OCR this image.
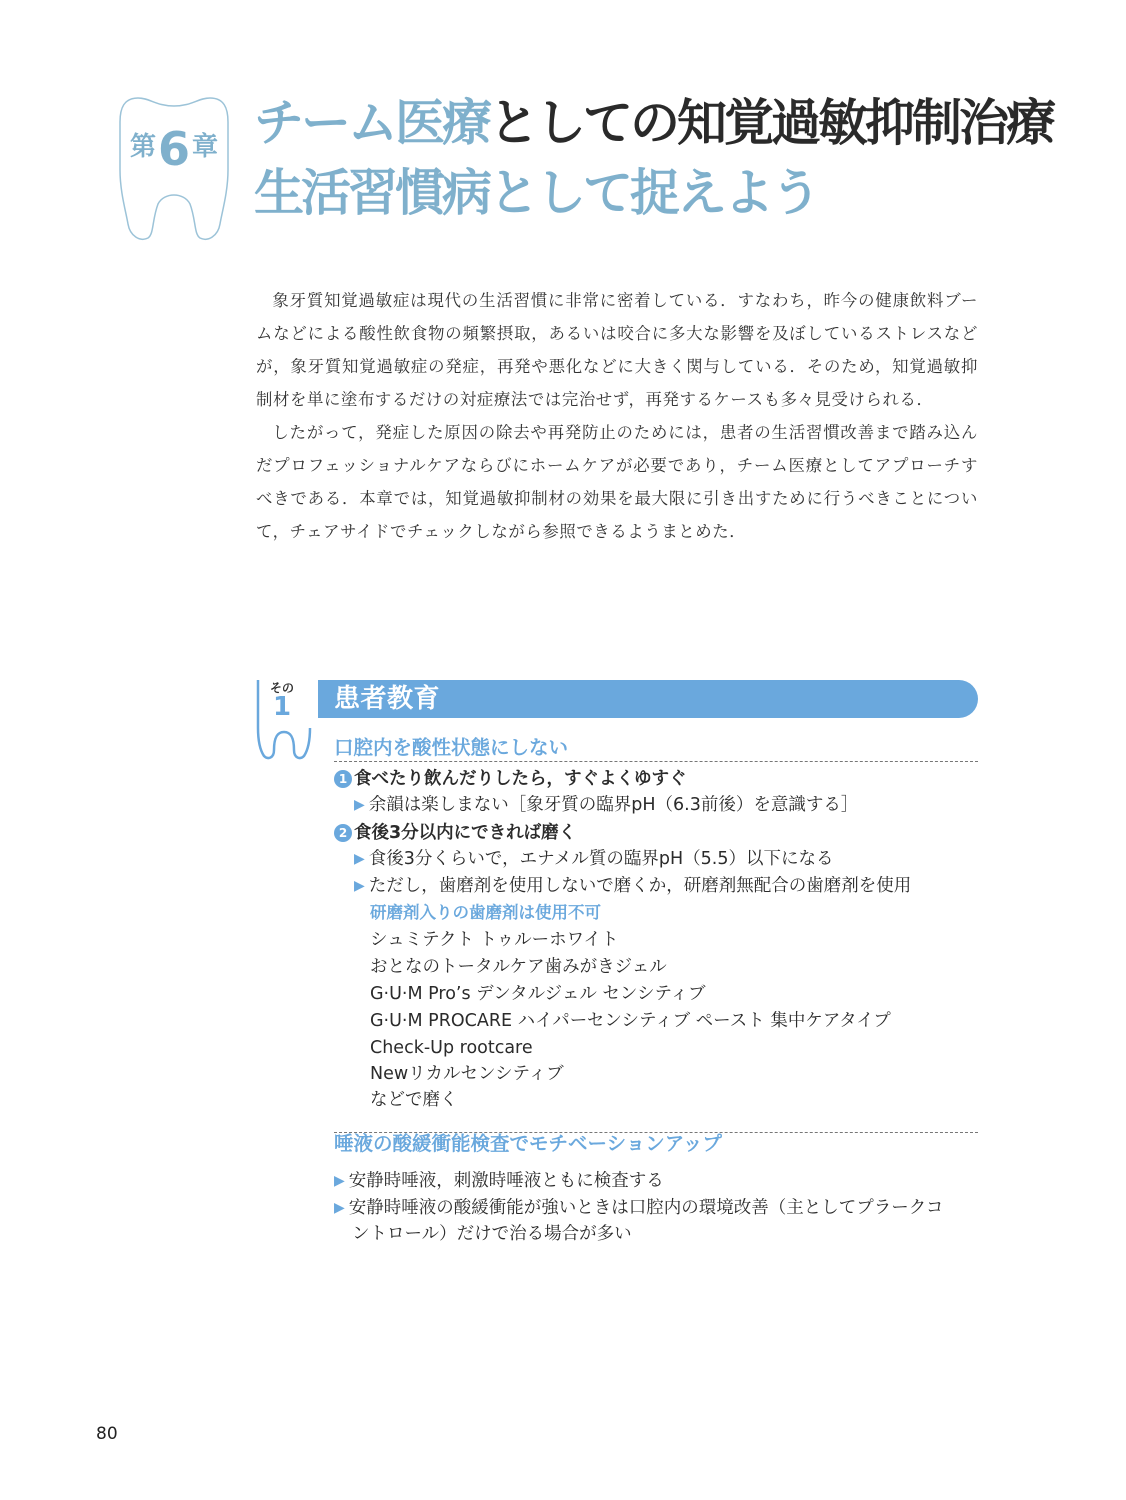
第6章 チーム医療としての知覚過敏抑制治療
生活習慣病として捉えよう

象牙質知覚過敏症は現代の生活習慣に非常に密着している．すなわち，昨今の健康飲料ブームなどによる酸性飲食物の頻繁摂取，あるいは咬合に多大な影響を及ぼしているストレスなどが，象牙質知覚過敏症の発症，再発や悪化などに大きく関与している．そのため，知覚過敏抑制材を単に塗布するだけの対症療法では完治せず，再発するケースも多々見受けられる．

したがって，発症した原因の除去や再発防止のためには，患者の生活習慣改善まで踏み込んだプロフェッショナルケアならびにホームケアが必要であり，チーム医療としてアプローチすべきである．本章では，知覚過敏抑制材の効果を最大限に引き出すために行うべきことについて，チェアサイドでチェックしながら参照できるようまとめた．

その
1	患者教育
口腔内を酸性状態にしない
1 食べたり飲んだりしたら，すぐよくゆすぐ
▶ 余韻は楽しまない［象牙質の臨界pH（6.3前後）を意識する］
2 食後3分以内にできれば磨く
▶ 食後3分くらいで，エナメル質の臨界pH（5.5）以下になる
▶ ただし，歯磨剤を使用しないで磨くか，研磨剤無配合の歯磨剤を使用
研磨剤入りの歯磨剤は使用不可
シュミテクト トゥルーホワイト
おとなのトータルケア歯みがきジェル
G·U·M Pro’s デンタルジェル センシティブ
G·U·M PROCARE ハイパーセンシティブ ペースト 集中ケアタイプ
Check-Up rootcare
Newリカルセンシティブ
などで磨く
唾液の酸緩衝能検査でモチベーションアップ
▶ 安静時唾液，刺激時唾液ともに検査する
▶ 安静時唾液の酸緩衝能が強いときは口腔内の環境改善（主としてプラークコ
ントロール）だけで治る場合が多い
80
